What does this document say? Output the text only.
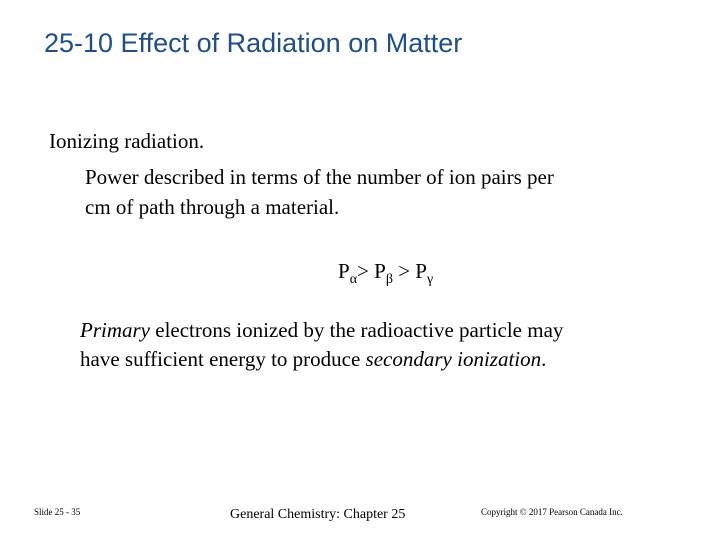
25-10 Effect of Radiation on Matter
Ionizing radiation.
Power described in terms of the number of ion pairs per
cm of path through a material.
$P_\alpha> P_\beta > P_\gamma$
Primary electrons ionized by the radioactive particle may
have sufficient energy to produce secondary ionization.
Slide 25 - 35	General Chemistry: Chapter 25	Copyright © 2017 Pearson Canada Inc.
